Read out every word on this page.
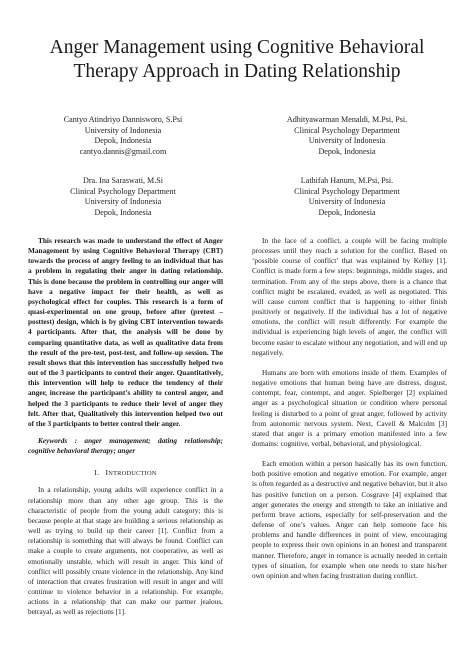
Anger Management using Cognitive Behavioral
Therapy Approach in Dating Relationship
Cantyo Atindriyo Dannisworo, S.Psi
University of Indonesia
Depok, Indonesia
cantyo.dannis@gmail.com
Adhityawarman Menaldi, M.Psi, Psi.
Clinical Psychology Department
University of Indonesia
Depok, Indonesia
Dra. Ina Saraswati, M.Si
Clinical Psychology Department
University of Indonesia
Depok, Indonesia
Lathifah Hanum, M.Psi, Psi.
Clinical Psychology Department
University of Indonesia
Depok, Indonesia

This research was made to understand the effect of Anger Management by using Cognitive Behavioral Therapy (CBT) towards the process of angry feeling to an individual that has a problem in regulating their anger in dating relationship. This is done because the problem in controlling our anger will have a negative impact for their health, as well as psychological effect for couples. This research is a form of quasi-experimental on one group, before after (pretest – posttest) design, which is by giving CBT intervention towards 4 participants. After that, the analysis will be done by comparing quantitative data, as well as qualitative data from the result of the pre-test, post-test, and follow-up session. The result shows that this intervention has successfully helped two out of the 3 participants to control their anger. Quantitatively, this intervention will help to reduce the tendency of their anger, increase the participant’s ability to control anger, and helped the 3 participants to reduce their level of anger they felt. After that, Qualitatively this intervention helped two out of the 3 participants to better control their anger.

Keywords : anger management; dating relationship; cognitive behavioral therapy; anger

I. INTRODUCTION

In a relationship, young adults will experience conflict in a relationship more than any other age group. This is the characteristic of people from the young adult category; this is because people at that stage are building a serious relationship as well as trying to build up their career [1]. Conflict from a relationship is something that will always be found. Conflict can make a couple to create arguments, not cooperative, as well as emotionally unstable, which will result in anger. This kind of conflict will possibly create violence in the relationship. Any kind of interaction that creates frustration will result in anger and will continue to violence behavior in a relationship. For example, actions in a relationship that can make our partner jealous, betrayal, as well as rejections [1].

In the face of a conflict, a couple will be facing multiple processes until they reach a solution for the conflict. Based on ‘possible course of conflict’ that was explained by Kelley [1]. Conflict is made form a few steps: beginnings, middle stages, and termination. From any of the steps above, there is a chance that conflict might be escalated, evaded, as well as negotiated. This will cause current conflict that is happening to either finish positively or negatively. If the individual has a lot of negative emotions, the conflict will result differently. For example the individual is experiencing high levels of anger, the conflict will become easier to escalate without any negotiation, and will end up negatively.

Humans are born with emotions inside of them. Examples of negative emotions that human being have are distress, disgust, contempt, fear, contempt, and anger. Spielberger [2] explained anger as a psychological situation or condition where personal feeling is disturbed to a point of great anger, followed by activity from autonomic nervous system. Next, Cavell & Malcolm [3] stated that anger is a primary emotion manifested into a few domains: cognitive, verbal, behavioral, and physiological.

Each emotion within a person basically has its own function, both positive emotion and negative emotion. For example, anger is often regarded as a destructive and negative behavior, but it also has positive function on a person. Cosgrave [4] explained that anger generates the energy and strength to take an initiative and perform brave actions, especially for self-preservation and the defense of one’s values. Anger can help someone face his problems and handle differences in point of view, encouraging people to express their own opinions in an honest and transparent manner. Therefore, anger in romance is actually needed in certain types of situation, for example when one needs to state his/her own opinion and when facing frustration during conflict.
